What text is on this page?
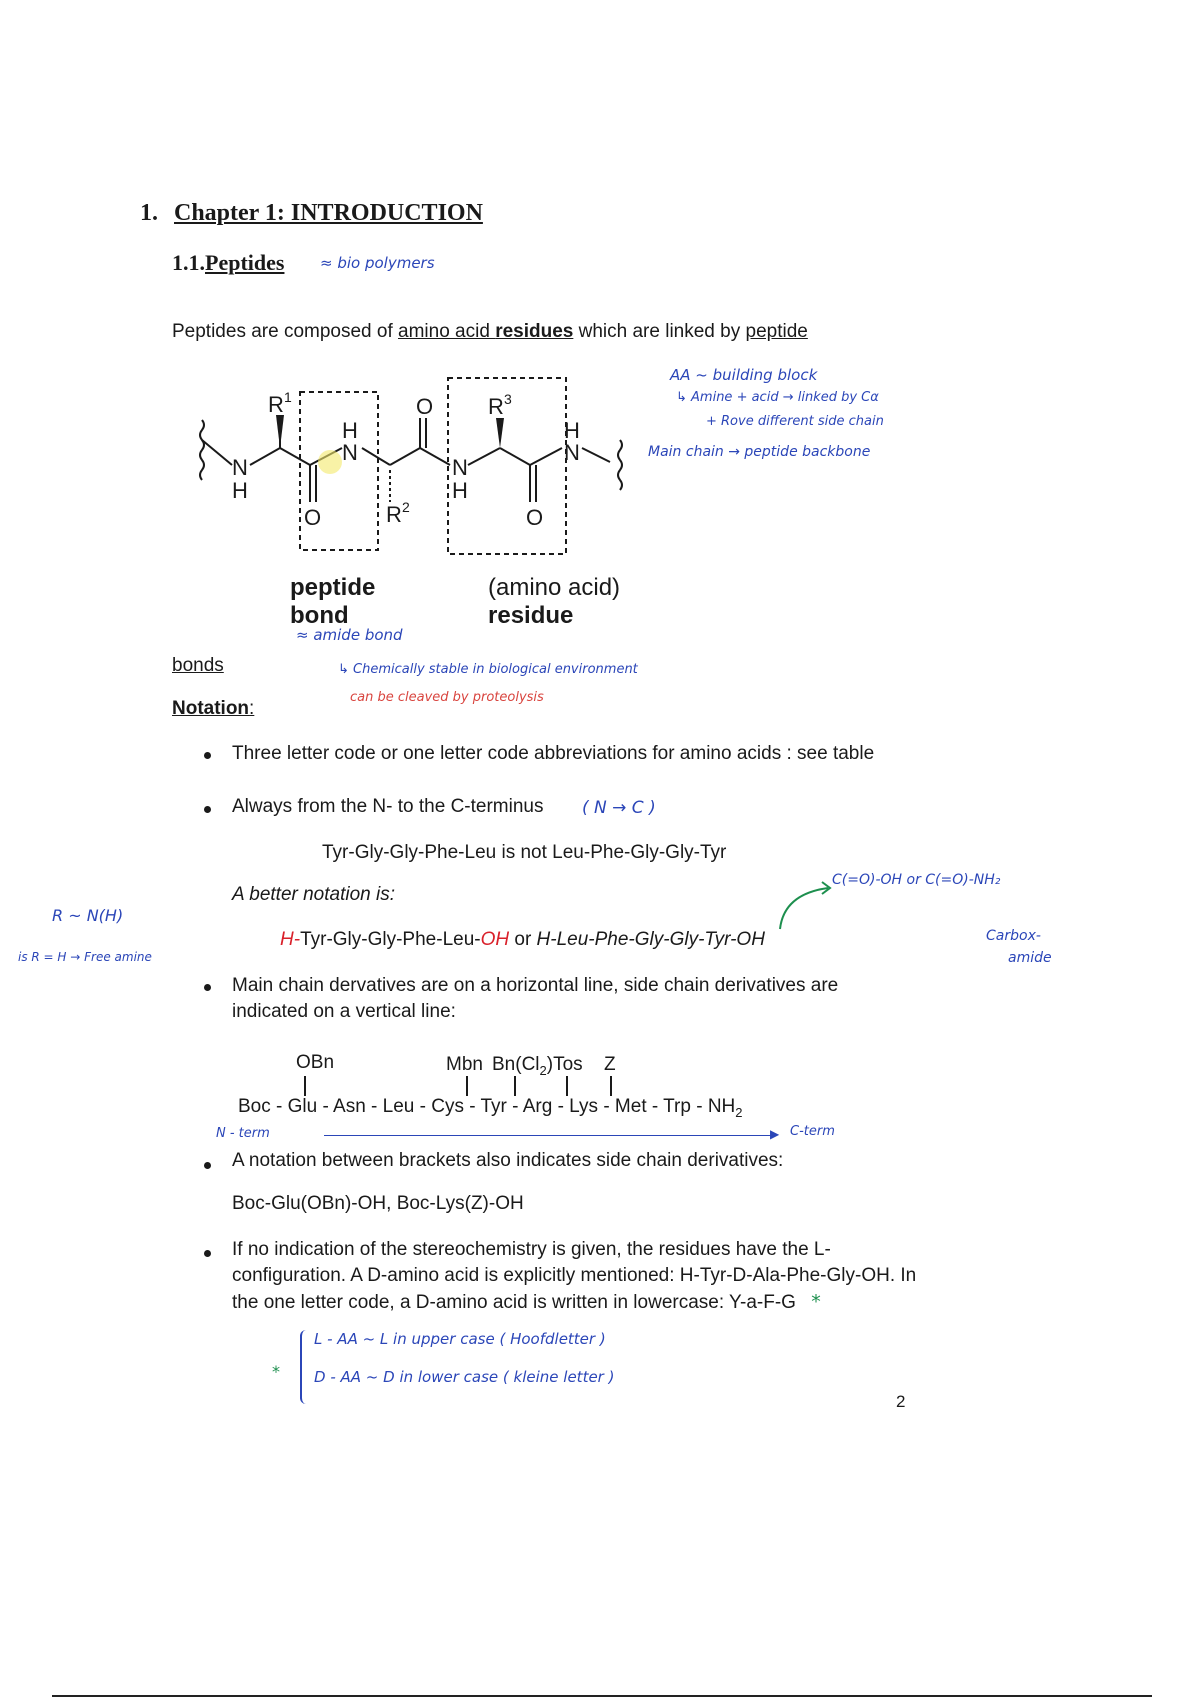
1. Chapter 1: INTRODUCTION
1.1.Peptides ≈ bio polymers
Peptides are composed of amino acid residues which are linked by peptide
N
H
R 1
O
H
N
R 2
O
N
H
R 3
O
H
N
peptide
bond
(amino acid)
residue
≈ amide bond
AA ~ building block
↳ Amine + acid → linked by Cα
+ Rove different side chain
Main chain → peptide backbone
bonds	↳ Chemically stable in biological environment
can be cleaved by proteolysis
Notation:
Three letter code or one letter code abbreviations for amino acids : see table
Always from the N- to the C-terminus ( N → C )
Tyr-Gly-Gly-Phe-Leu is not Leu-Phe-Gly-Gly-Tyr
A better notation is:
H-Tyr-Gly-Gly-Phe-Leu-OH or H-Leu-Phe-Gly-Gly-Tyr-OH
R ~ N(H)
is R = H → Free amine
C(=O)-OH or C(=O)-NH₂
Carbox-
amide
Main chain dervatives are on a horizontal line, side chain derivatives are indicated on a vertical line:
OBn	Mbn $Bn(Cl_2)Tos$ Z
Boc - Glu - Asn - Leu - Cys - Tyr - Arg - Lys - Met - Trp - $NH_2$
N - term	▶ C-term
A notation between brackets also indicates side chain derivatives:
Boc-Glu(OBn)-OH, Boc-Lys(Z)-OH
If no indication of the stereochemistry is given, the residues have the L-configuration. A D-amino acid is explicitly mentioned: H-Tyr-D-Ala-Phe-Gly-OH. In the one letter code, a D-amino acid is written in lowercase: Y-a-F-G *
*
L - AA ~ L in upper case ( Hoofdletter )
D - AA ~ D in lower case ( kleine letter )
2
